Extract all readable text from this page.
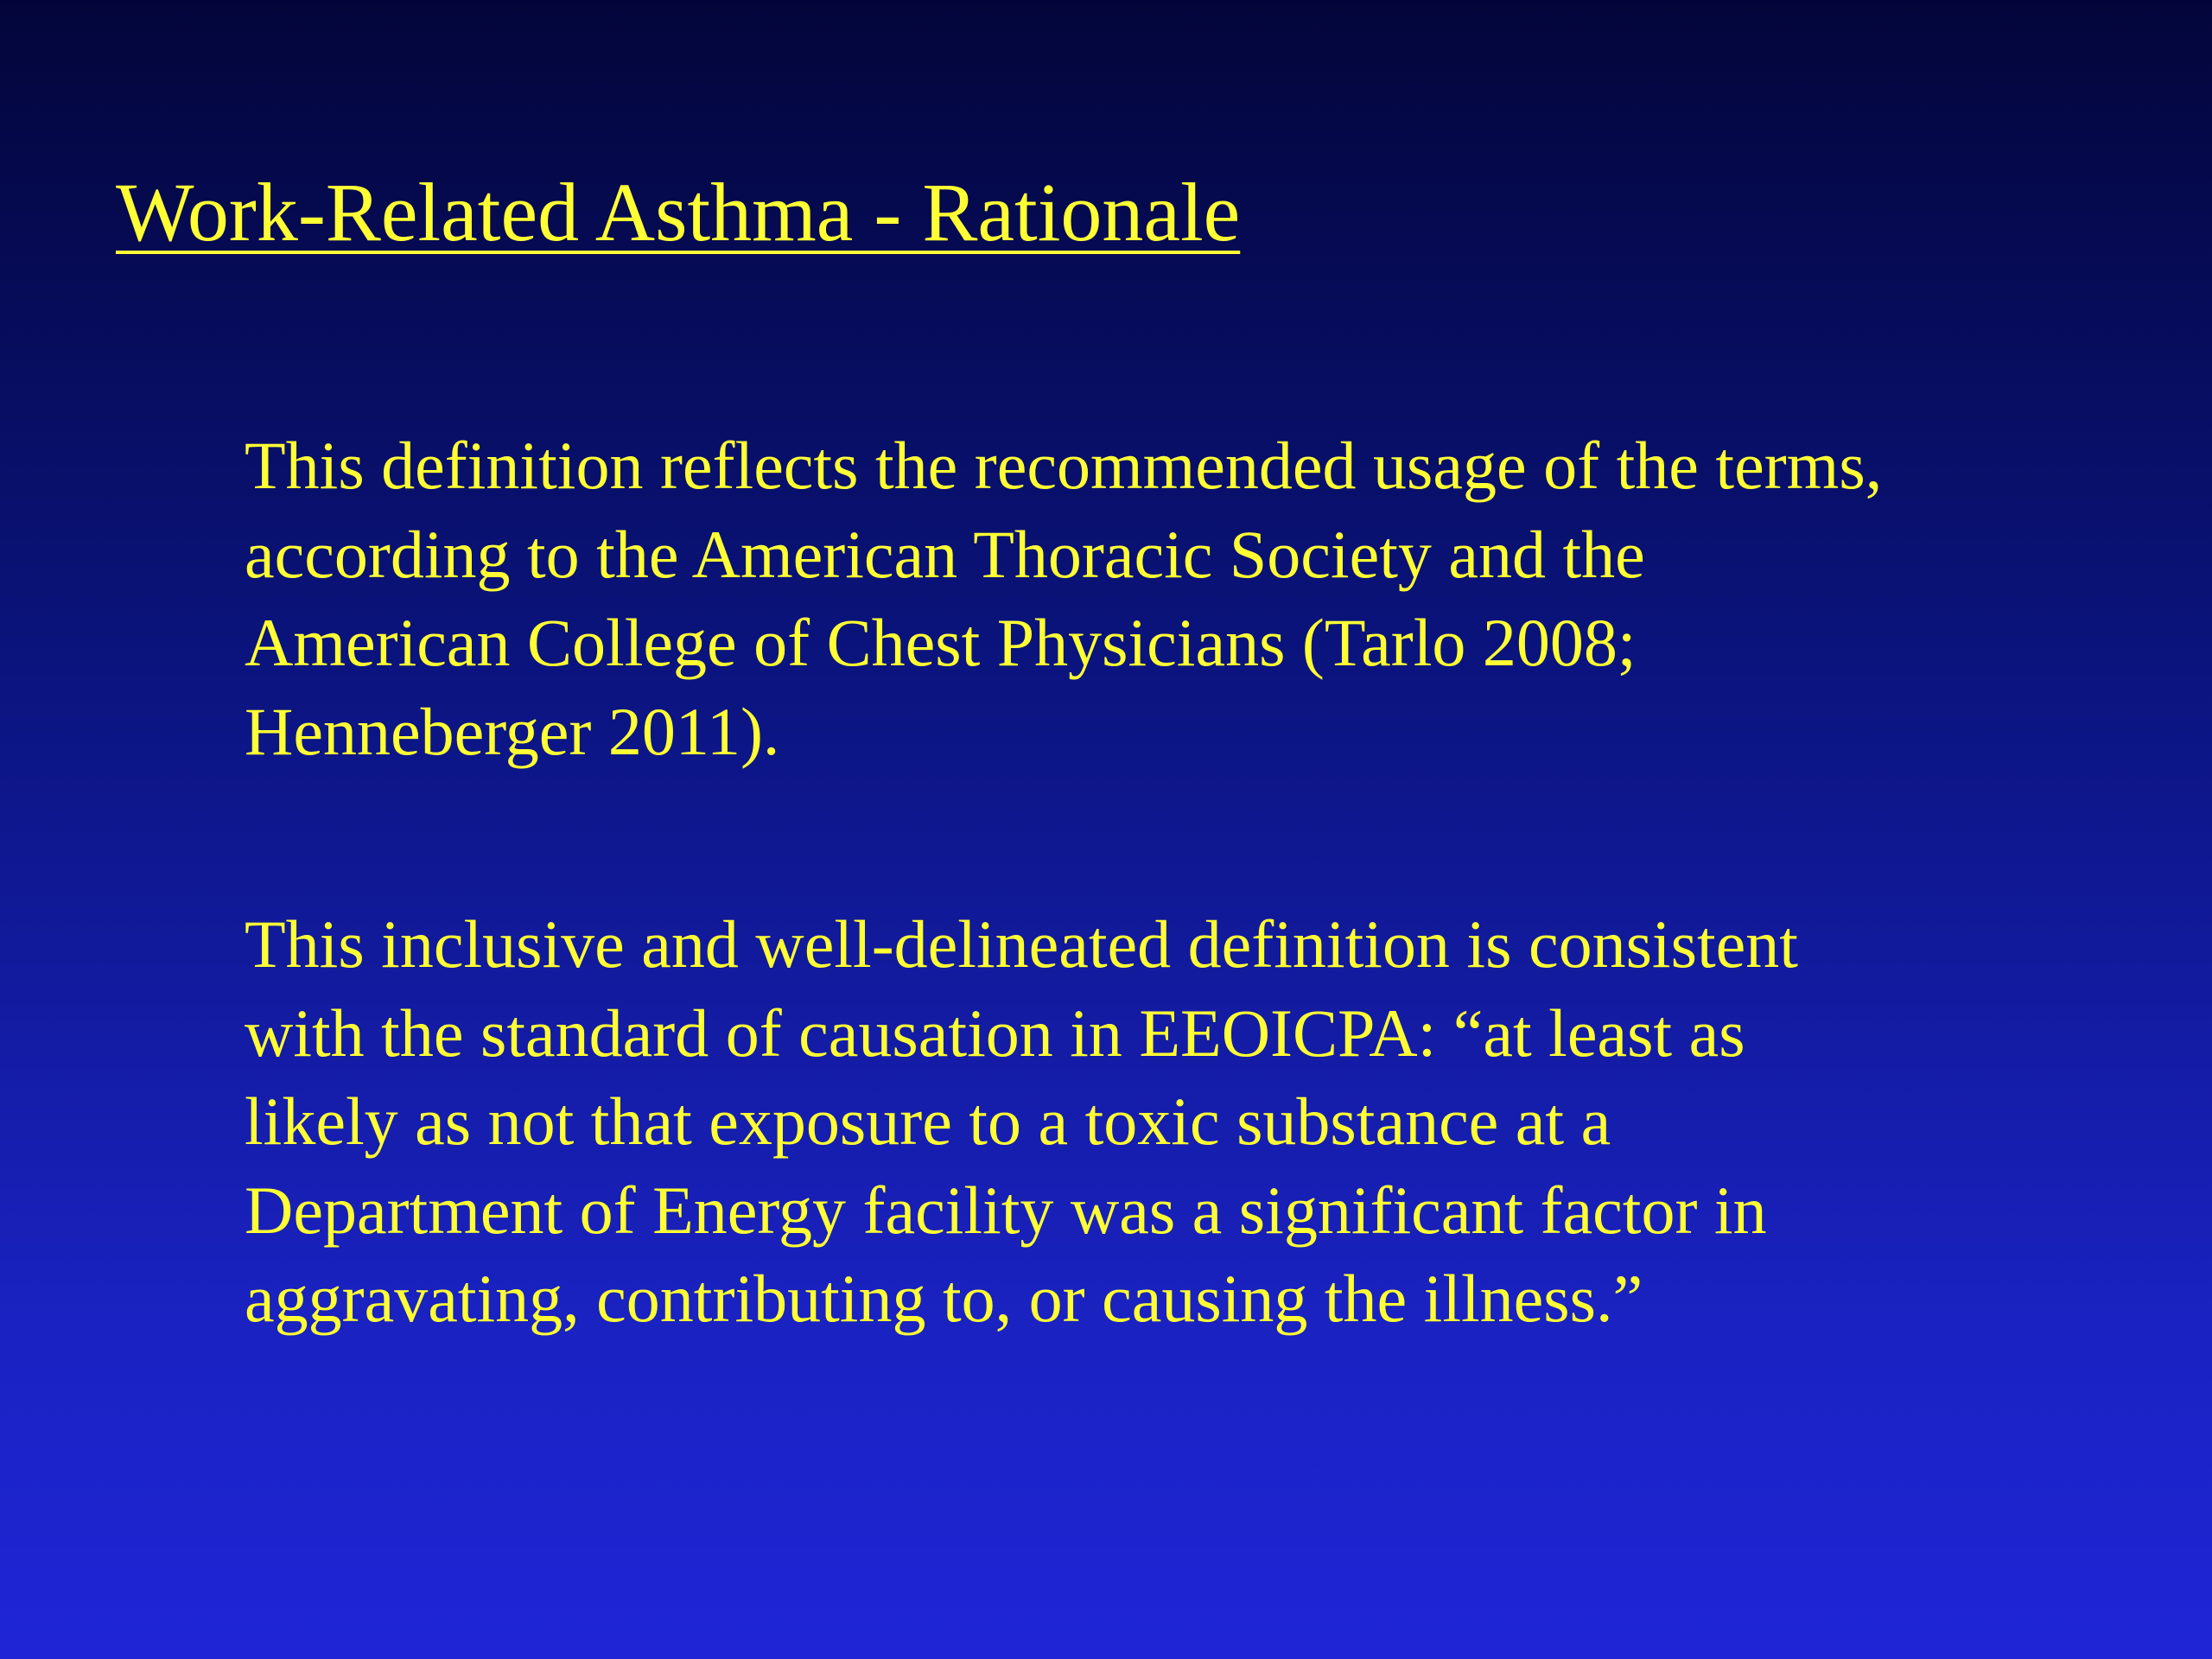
Work-Related Asthma - Rationale

This definition reflects the recommended usage of the terms,
according to the American Thoracic Society and the
American College of Chest Physicians (Tarlo 2008;
Henneberger 2011).

This inclusive and well-delineated definition is consistent
with the standard of causation in EEOICPA: “at least as
likely as not that exposure to a toxic substance at a
Department of Energy facility was a significant factor in
aggravating, contributing to, or causing the illness.”
